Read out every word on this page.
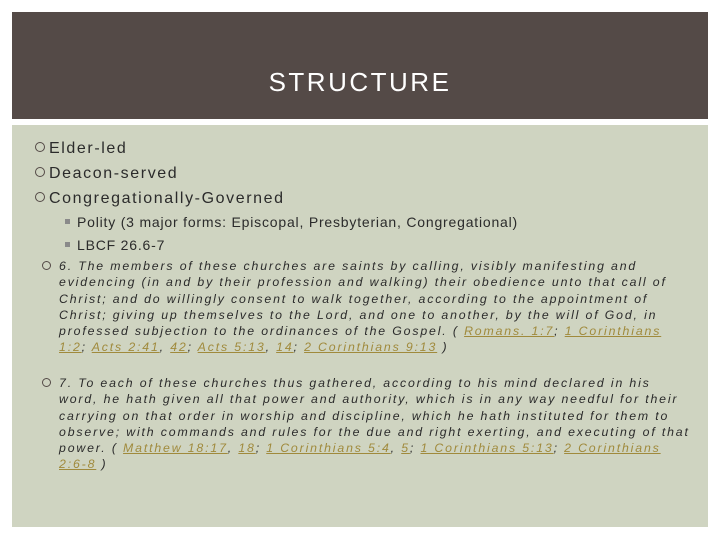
STRUCTURE
Elder-led
Deacon-served
Congregationally-Governed
Polity (3 major forms: Episcopal, Presbyterian, Congregational)
LBCF 26.6-7
6. The members of these churches are saints by calling, visibly manifesting and evidencing (in and by their profession and walking) their obedience unto that call of Christ; and do willingly consent to walk together, according to the appointment of Christ; giving up themselves to the Lord, and one to another, by the will of God, in professed subjection to the ordinances of the Gospel. ( Romans. 1:7; 1 Corinthians 1:2; Acts 2:41, 42; Acts 5:13, 14; 2 Corinthians 9:13 )
7. To each of these churches thus gathered, according to his mind declared in his word, he hath given all that power and authority, which is in any way needful for their carrying on that order in worship and discipline, which he hath instituted for them to observe; with commands and rules for the due and right exerting, and executing of that power. ( Matthew 18:17, 18; 1 Corinthians 5:4, 5; 1 Corinthians 5:13; 2 Corinthians 2:6-8 )
